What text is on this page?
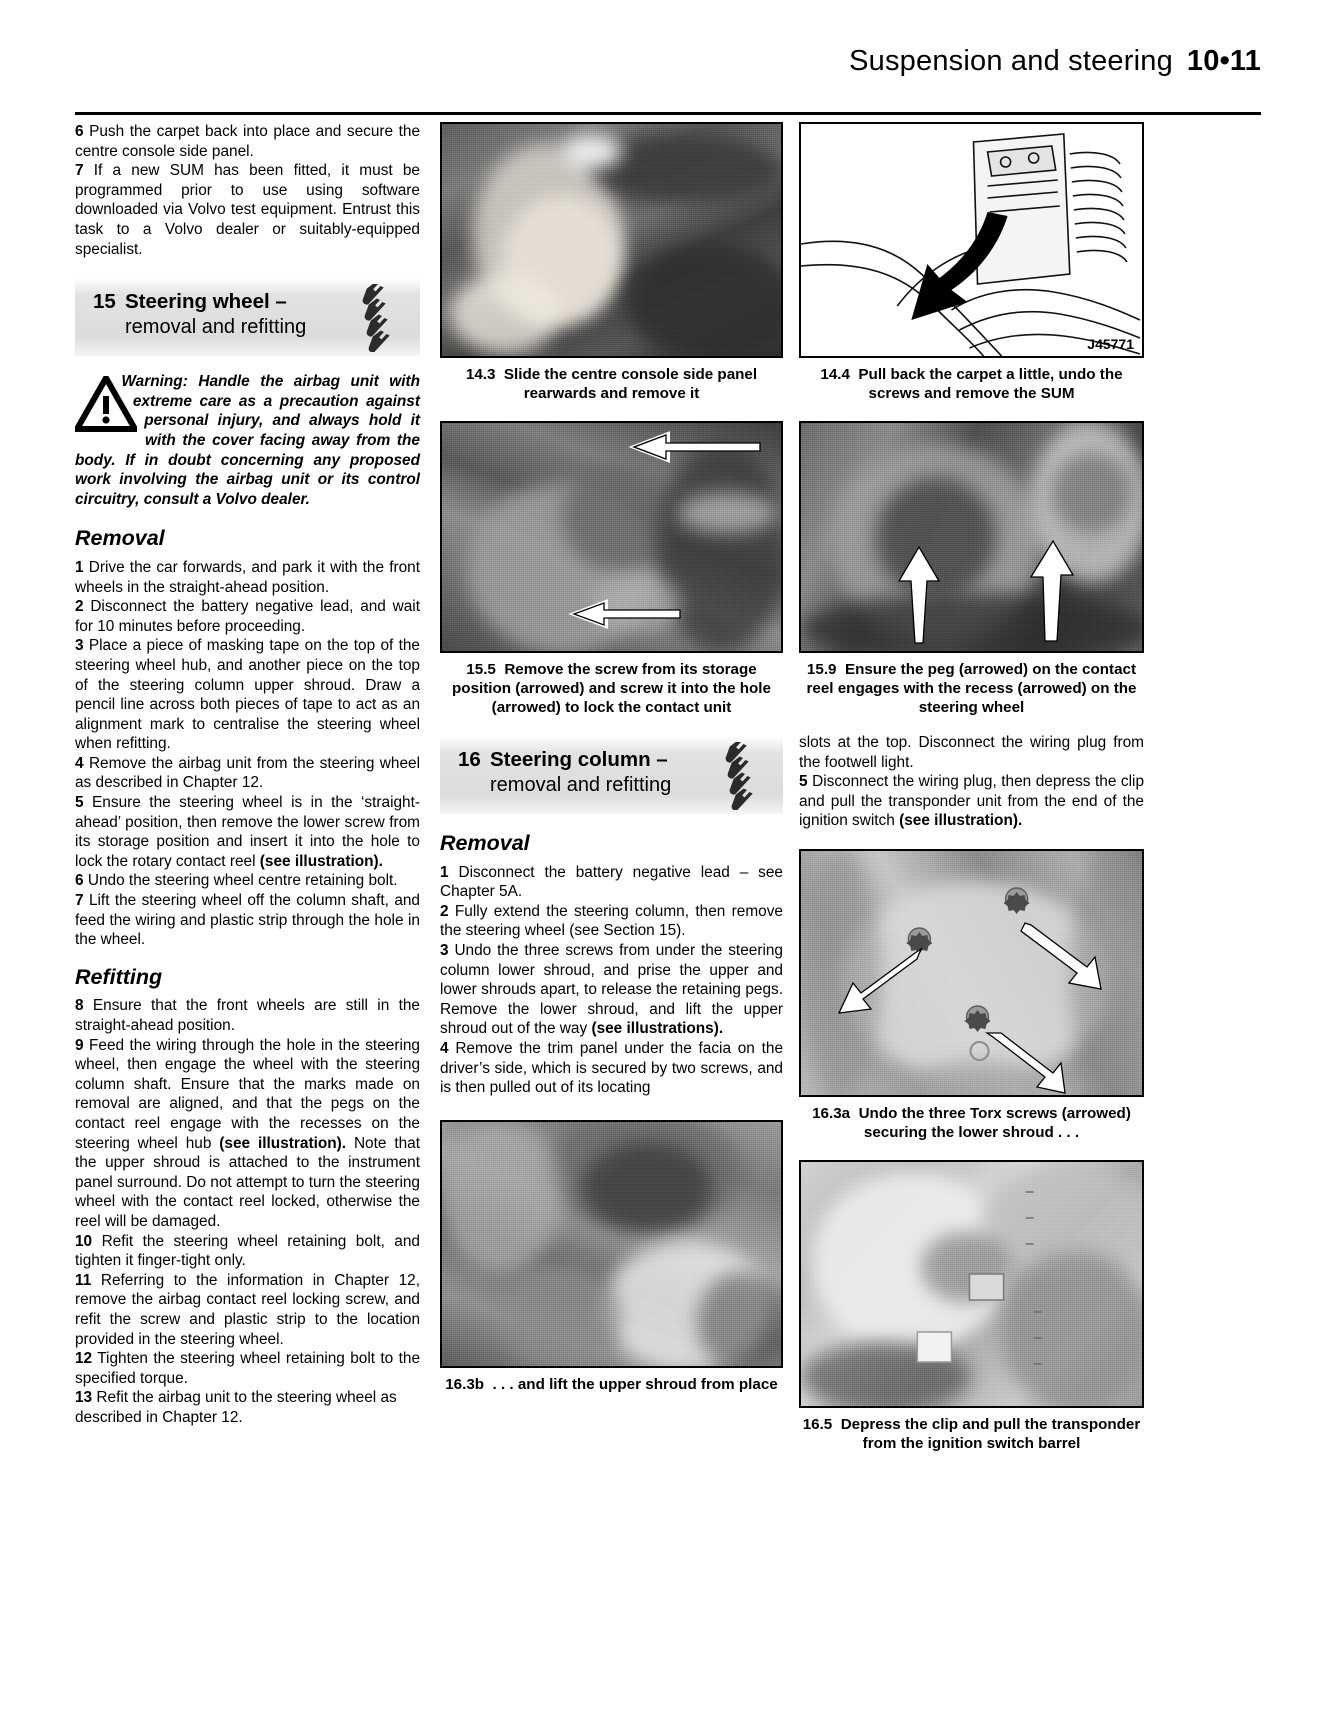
Suspension and steering 10•11

6 Push the carpet back into place and secure the centre console side panel.

7 If a new SUM has been fitted, it must be programmed prior to use using software downloaded via Volvo test equipment. Entrust this task to a Volvo dealer or suitably-equipped specialist.

15 Steering wheel –
removal and refitting
Warning: Handle the airbag unit with extreme care as a precaution against personal injury, and always hold it with the cover facing away from the body. If in doubt concerning any proposed work involving the airbag unit or its control circuitry, consult a Volvo dealer.
Removal

1 Drive the car forwards, and park it with the front wheels in the straight-ahead position.

2 Disconnect the battery negative lead, and wait for 10 minutes before proceeding.

3 Place a piece of masking tape on the top of the steering wheel hub, and another piece on the top of the steering column upper shroud. Draw a pencil line across both pieces of tape to act as an alignment mark to centralise the steering wheel when refitting.

4 Remove the airbag unit from the steering wheel as described in Chapter 12.

5 Ensure the steering wheel is in the ‘straight-ahead’ position, then remove the lower screw from its storage position and insert it into the hole to lock the rotary contact reel (see illustration).

6 Undo the steering wheel centre retaining bolt.

7 Lift the steering wheel off the column shaft, and feed the wiring and plastic strip through the hole in the wheel.

Refitting

8 Ensure that the front wheels are still in the straight-ahead position.

9 Feed the wiring through the hole in the steering wheel, then engage the wheel with the steering column shaft. Ensure that the marks made on removal are aligned, and that the pegs on the contact reel engage with the recesses on the steering wheel hub (see illustration). Note that the upper shroud is attached to the instrument panel surround. Do not attempt to turn the steering wheel with the contact reel locked, otherwise the reel will be damaged.

10 Refit the steering wheel retaining bolt, and tighten it finger-tight only.

11 Referring to the information in Chapter 12, remove the airbag contact reel locking screw, and refit the screw and plastic strip to the location provided in the steering wheel.

12 Tighten the steering wheel retaining bolt to the specified torque.

13 Refit the airbag unit to the steering wheel as described in Chapter 12.

14.3 Slide the centre console side panel rearwards and remove it

15.5 Remove the screw from its storage position (arrowed) and screw it into the hole (arrowed) to lock the contact unit

16 Steering column –
removal and refitting
Removal

1 Disconnect the battery negative lead – see Chapter 5A.

2 Fully extend the steering column, then remove the steering wheel (see Section 15).

3 Undo the three screws from under the steering column lower shroud, and prise the upper and lower shrouds apart, to release the retaining pegs. Remove the lower shroud, and lift the upper shroud out of the way (see illustrations).

4 Remove the trim panel under the facia on the driver’s side, which is secured by two screws, and is then pulled out of its locating

16.3b . . . and lift the upper shroud from place

J45771

14.4 Pull back the carpet a little, undo the screws and remove the SUM

15.9 Ensure the peg (arrowed) on the contact reel engages with the recess (arrowed) on the steering wheel

slots at the top. Disconnect the wiring plug from the footwell light.

5 Disconnect the wiring plug, then depress the clip and pull the transponder unit from the end of the ignition switch (see illustration).

16.3a Undo the three Torx screws (arrowed) securing the lower shroud . . .

16.5 Depress the clip and pull the transponder from the ignition switch barrel
